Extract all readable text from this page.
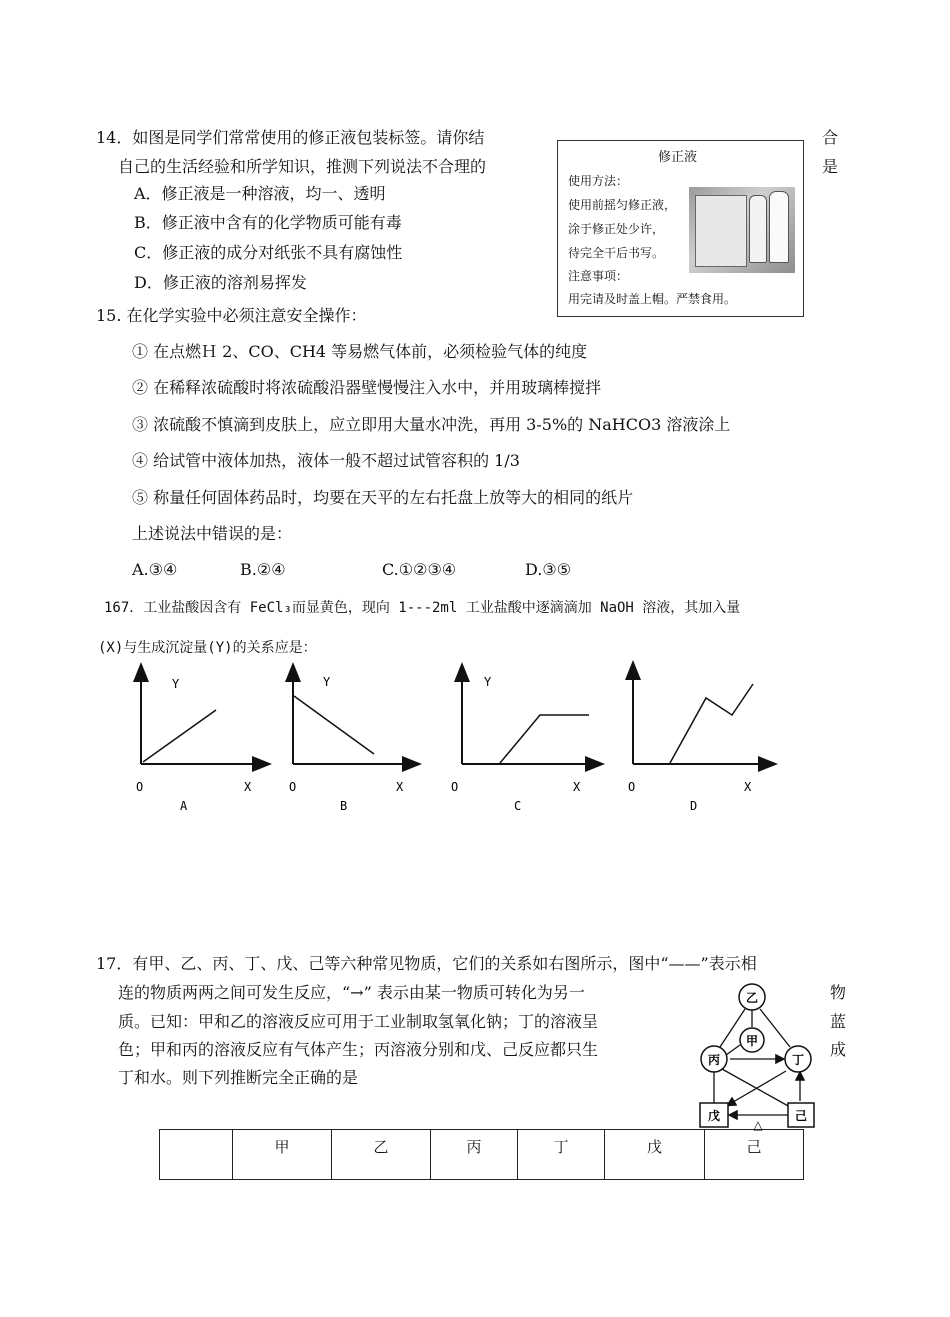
14．如图是同学们常常使用的修正液包装标签。请你结	合
自己的生活经验和所学知识，推测下列说法不合理的	是
A．修正液是一种溶液，均一、透明
B．修正液中含有的化学物质可能有毒
C．修正液的成分对纸张不具有腐蚀性
D．修正液的溶剂易挥发
修正液
使用方法：
使用前摇匀修正液，
涂于修正处少许，
待完全干后书写。
注意事项：
用完请及时盖上帽。严禁食用。
15. 在化学实验中必须注意安全操作：
① 在点燃Ｈ 2、CO、CH4 等易燃气体前，必须检验气体的纯度
② 在稀释浓硫酸时将浓硫酸沿器壁慢慢注入水中，并用玻璃棒搅拌
③ 浓硫酸不慎滴到皮肤上，应立即用大量水冲洗，再用 3-5%的 NaHCO3 溶液涂上
④ 给试管中液体加热，液体一般不超过试管容积的 1/3
⑤ 称量任何固体药品时，均要在天平的左右托盘上放等大的相同的纸片
上述说法中错误的是：
A.③④	B.②④	C.①②③④	D.③⑤
167．工业盐酸因含有 FeCl₃而显黄色，现向 1---2ml 工业盐酸中逐滴滴加 NaOH 溶液，其加入量
(X)与生成沉淀量(Y)的关系应是：
Y
O	X
A
Y
O	X
B
Y
O	X
C
O	X
D
17．有甲、乙、丙、丁、戊、己等六种常见物质，它们的关系如右图所示，图中“——”表示相
连的物质两两之间可发生反应，“→” 表示由某一物质可转化为另一	物
质。已知：甲和乙的溶液反应可用于工业制取氢氧化钠；丁的溶液呈	蓝
色；甲和丙的溶液反应有气体产生；丙溶液分别和戊、己反应都只生	成
丁和水。则下列推断完全正确的是
乙
甲
丙	丁
戊	己
△
	甲	乙	丙	丁	戊	己
